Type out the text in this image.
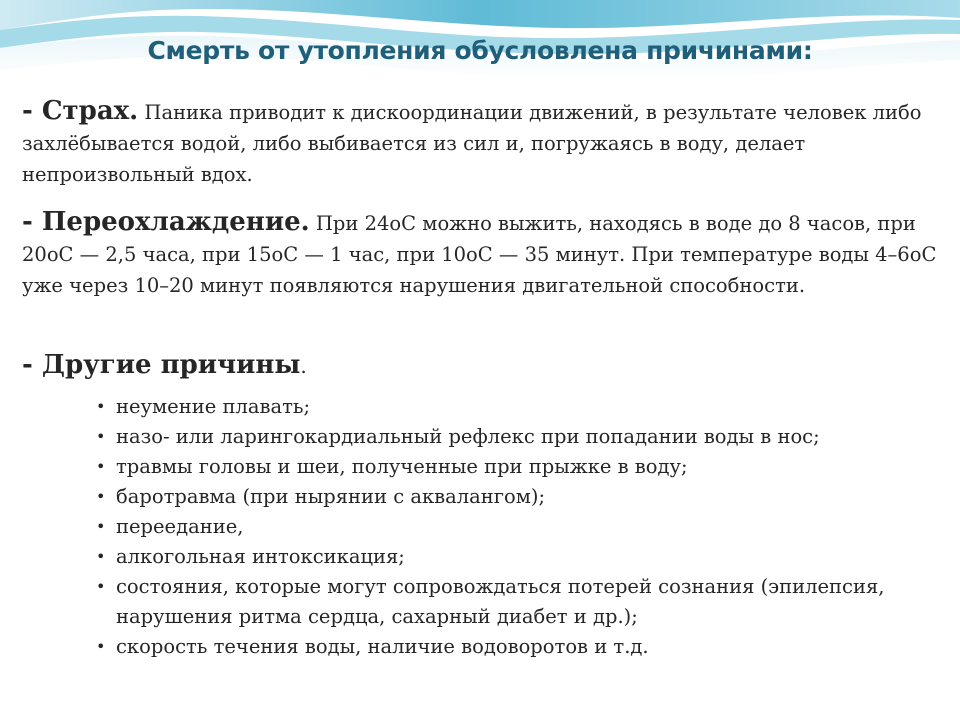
Смерть от утопления обусловлена причинами:

- Страх. Паника приводит к дискоординации движений, в результате человек либо захлёбывается водой, либо выбивается из сил и, погружаясь в воду, делает непроизвольный вдох.

- Переохлаждение. При 24оС можно выжить, находясь в воде до 8 часов, при 20оС — 2,5 часа, при 15оС — 1 час, при 10оС — 35 минут. При температуре воды 4–6оС уже через 10–20 минут появляются нарушения двигательной способности.

- Другие причины.

• неумение плавать;
• назо- или ларингокардиальный рефлекс при попадании воды в нос;
• травмы головы и шеи, полученные при прыжке в воду;
• баротравма (при нырянии с аквалангом);
• переедание,
• алкогольная интоксикация;
• состояния, которые могут сопровождаться потерей сознания (эпилепсия, нарушения ритма сердца, сахарный диабет и др.);
• скорость течения воды, наличие водоворотов и т.д.
